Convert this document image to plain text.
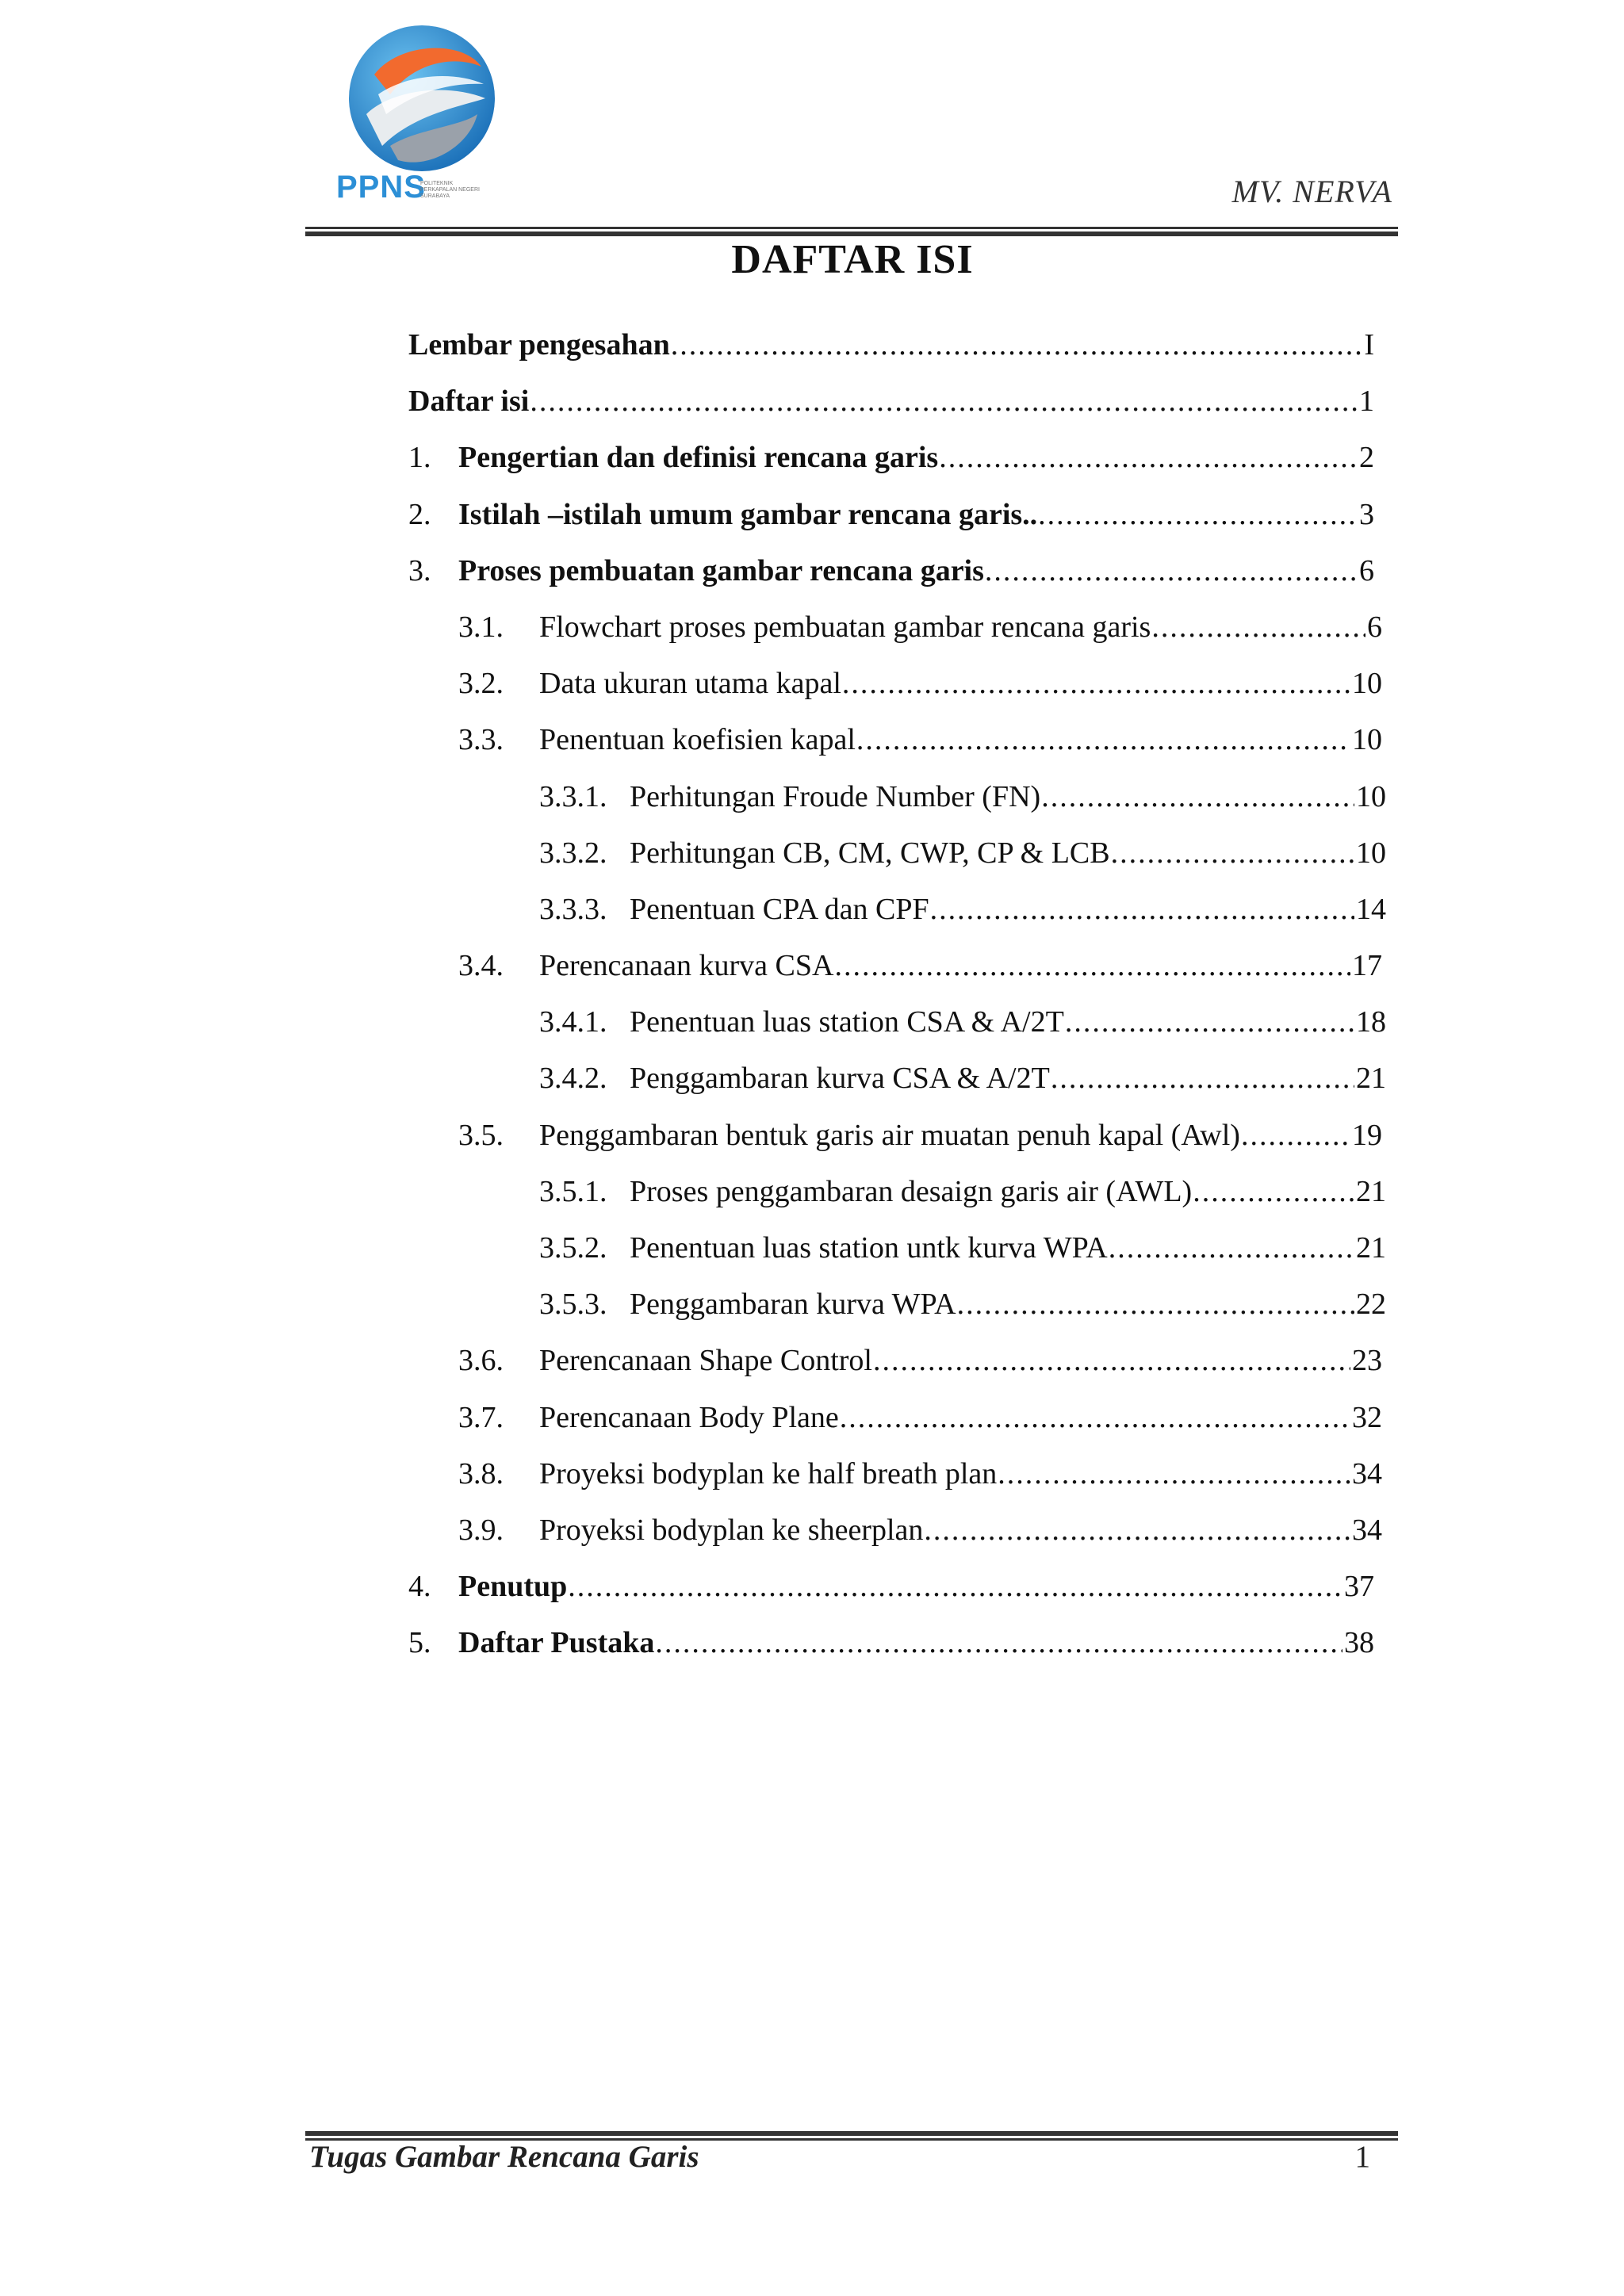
PPNS
POLITEKNIK PERKAPALAN NEGERI SURABAYA	MV. NERVA
DAFTAR ISI
Lembar pengesahan .....	I
Daftar isi .....	1
1. Pengertian dan definisi rencana garis .....	2
2. Istilah –istilah umum gambar rencana garis.. .....	3
3. Proses pembuatan gambar rencana garis .....	6
3.1. Flowchart proses pembuatan gambar rencana garis .....	6
3.2. Data ukuran utama kapal .....	10
3.3. Penentuan koefisien kapal .....	10
3.3.1. Perhitungan Froude Number (FN) .....	10
3.3.2. Perhitungan CB, CM, CWP, CP & LCB .....	10
3.3.3. Penentuan CPA dan CPF .....	14
3.4. Perencanaan kurva CSA .....	17
3.4.1. Penentuan luas station CSA & A/2T .....	18
3.4.2. Penggambaran kurva CSA & A/2T .....	21
3.5. Penggambaran bentuk garis air muatan penuh kapal (Awl) .....	19
3.5.1. Proses penggambaran desaign garis air (AWL) .....	21
3.5.2. Penentuan luas station untk kurva WPA .....	21
3.5.3. Penggambaran kurva WPA .....	22
3.6. Perencanaan Shape Control .....	23
3.7. Perencanaan Body Plane .....	32
3.8. Proyeksi bodyplan ke half breath plan .....	34
3.9. Proyeksi bodyplan ke sheerplan .....	34
4. Penutup .....	37
5. Daftar Pustaka .....	38
Tugas Gambar Rencana Garis	1
